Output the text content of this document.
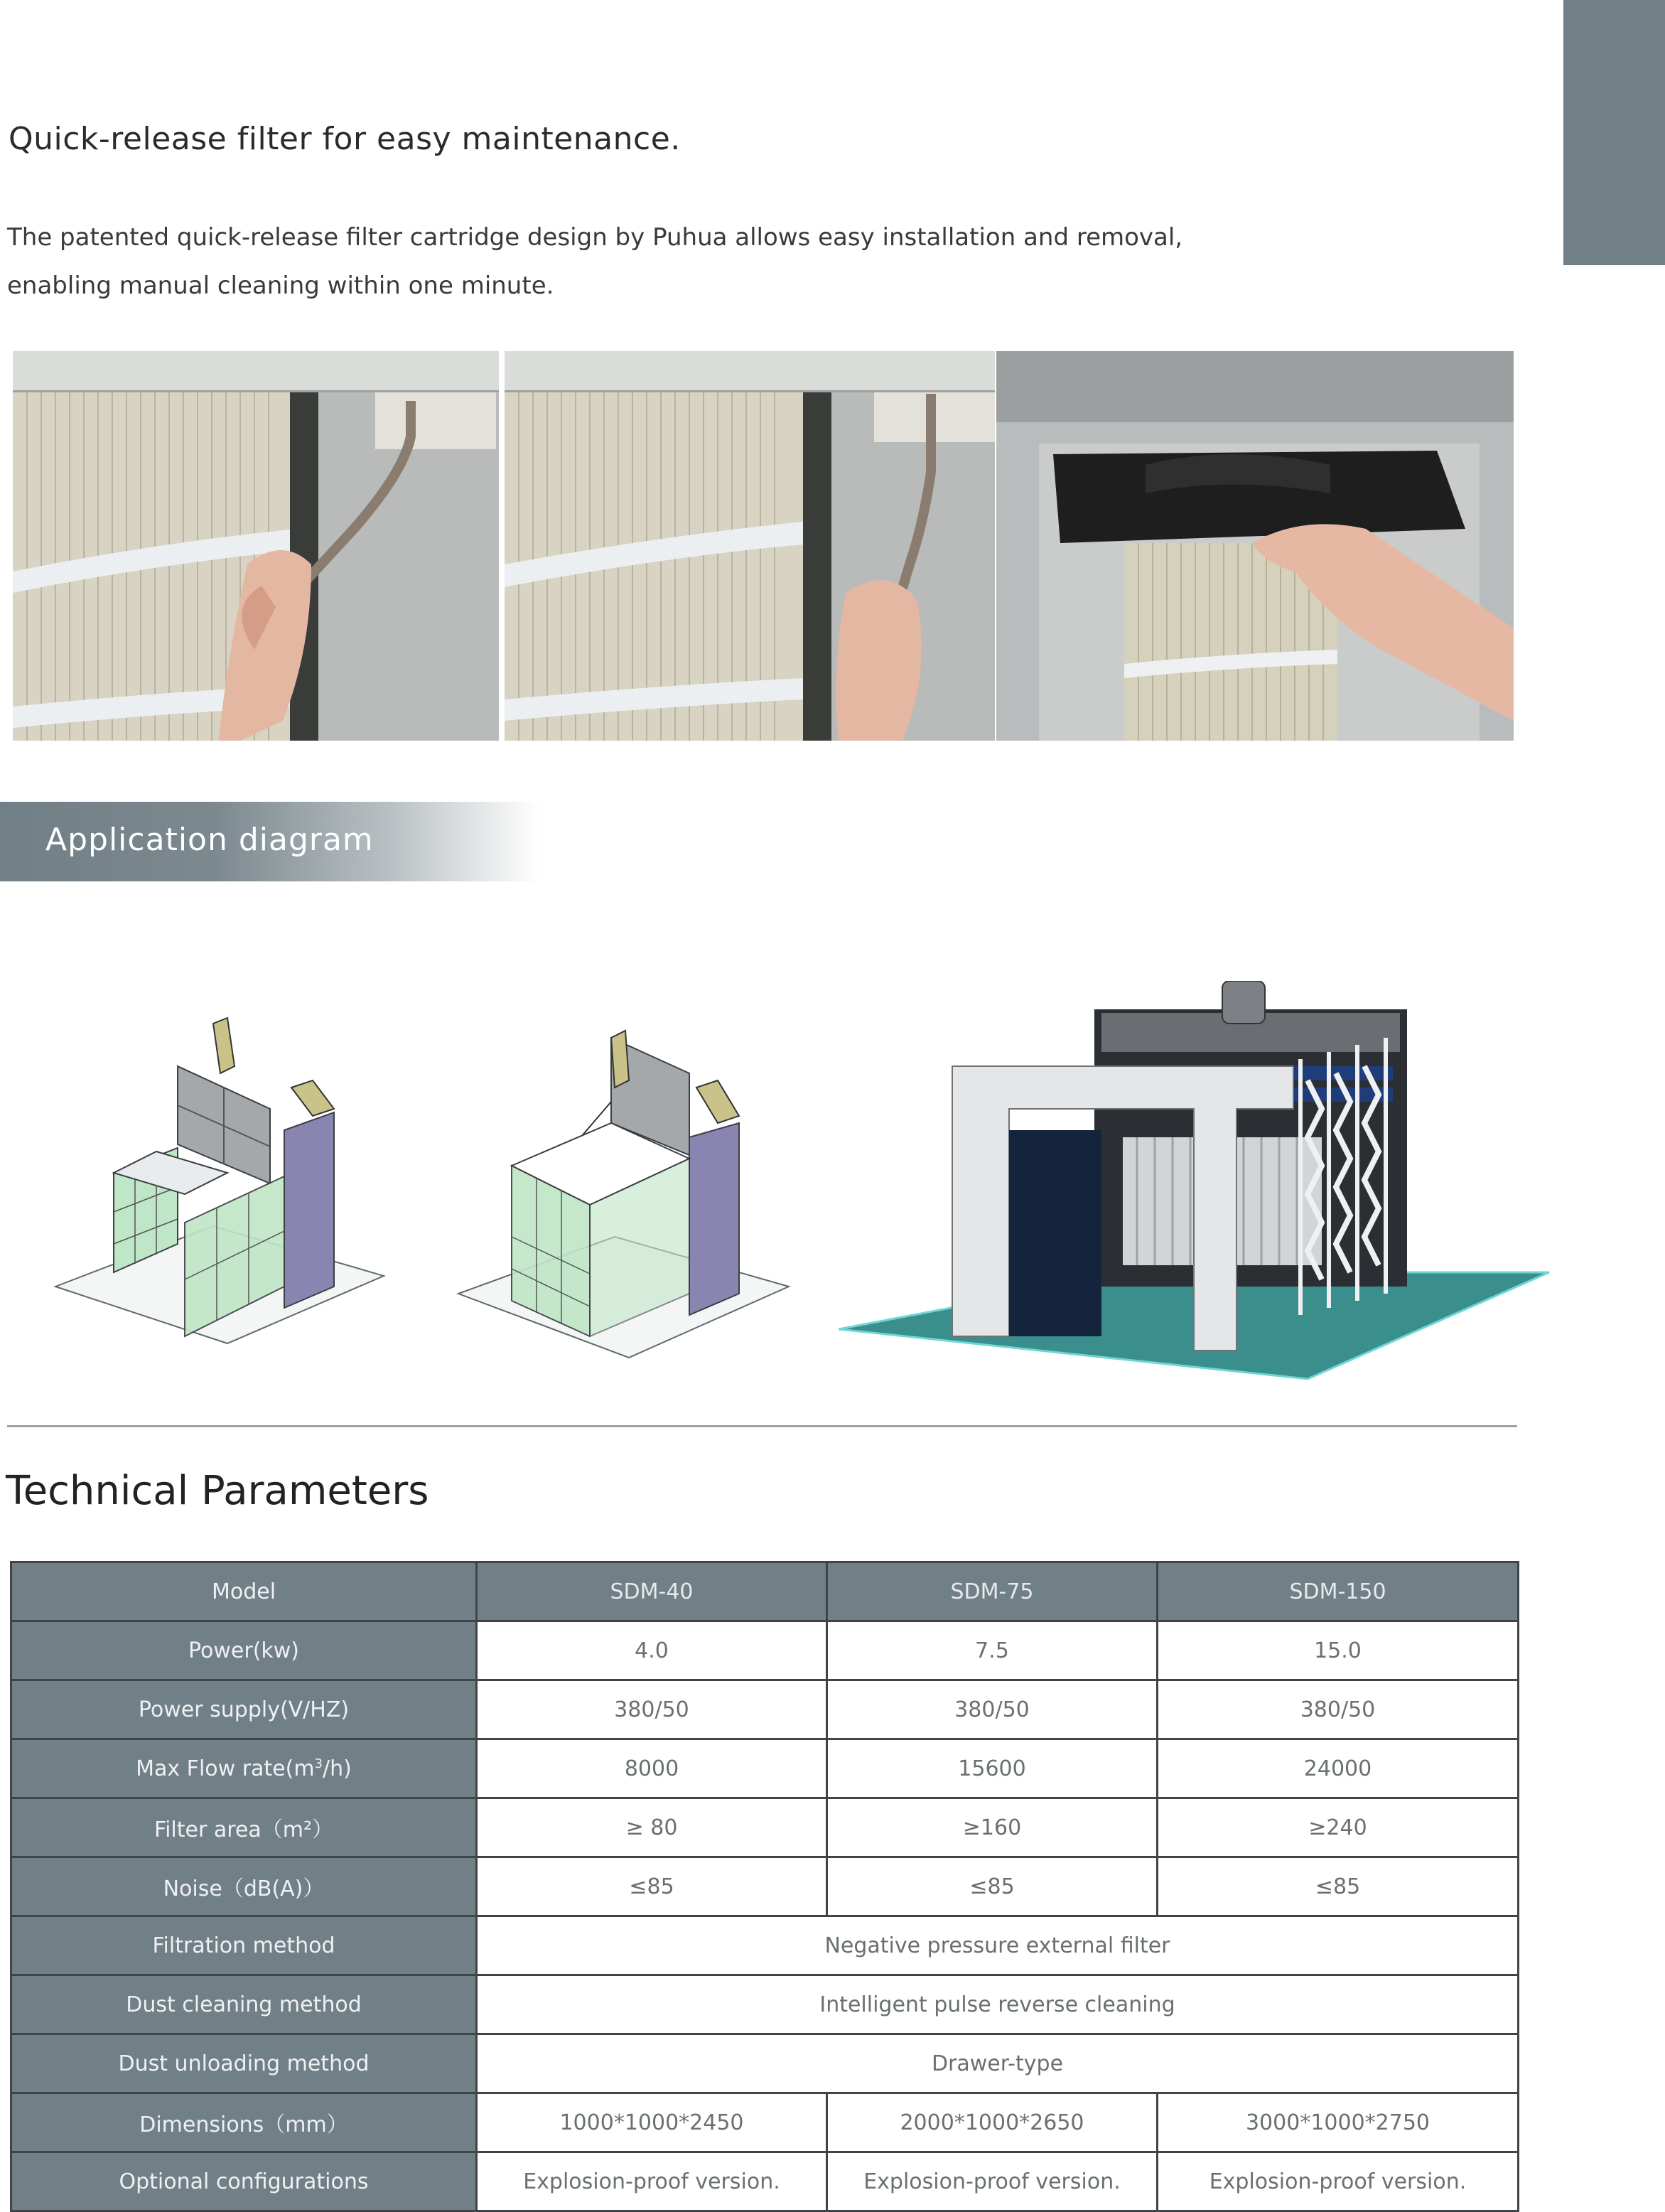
Quick-release filter for easy maintenance.
The patented quick-release filter cartridge design by Puhua allows easy installation and removal,
enabling manual cleaning within one minute.
Application diagram
Technical Parameters
Model	SDM-40	SDM-75	SDM-150
Power(kw)	4.0	7.5	15.0
Power supply(V/HZ)	380/50	380/50	380/50
Max Flow $rate(m^3/h)$	8000	15600	24000
Filter area（m²）	≥ 80	≥160	≥240
Noise（dB(A)）	≤85	≤85	≤85
Filtration method	Negative pressure external filter		
Dust cleaning method	Intelligent pulse reverse cleaning		
Dust unloading method	Drawer-type		
Dimensions（mm）	1000*1000*2450	2000*1000*2650	3000*1000*2750
Optional configurations	Explosion-proof version.	Explosion-proof version.	Explosion-proof version.
